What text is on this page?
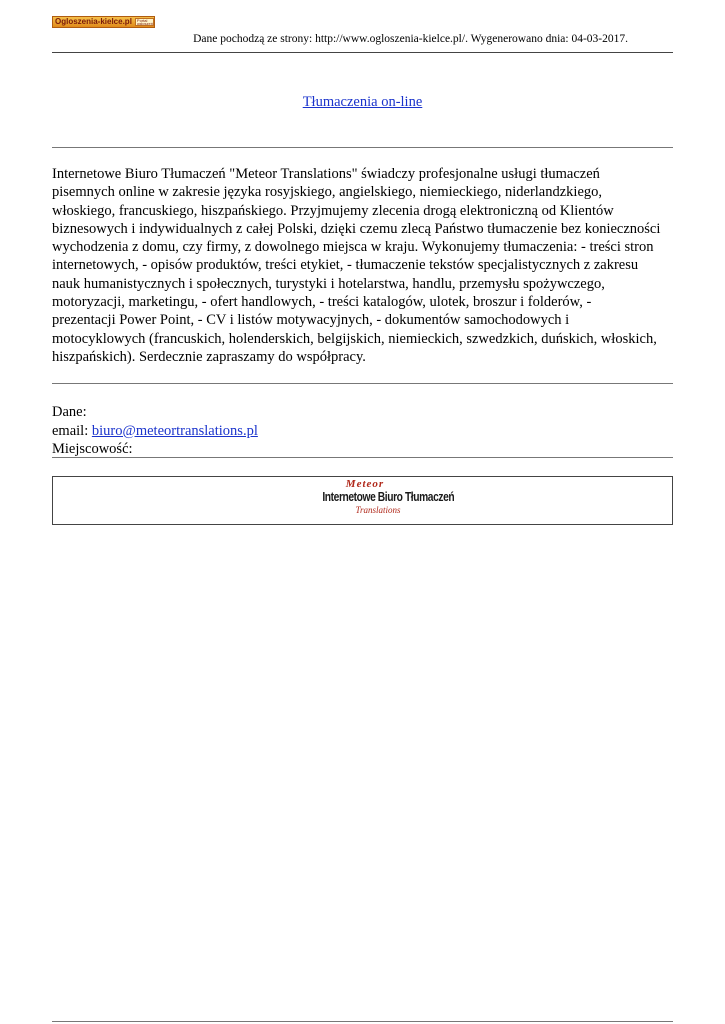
Ogloszenia-kielce.pl	Portal ogłoszeń
Dane pochodzą ze strony: http://www.ogloszenia-kielce.pl/. Wygenerowano dnia: 04-03-2017.
Tłumaczenia on-line

Internetowe Biuro Tłumaczeń "Meteor Translations" świadczy profesjonalne usługi tłumaczeń

pisemnych online w zakresie języka rosyjskiego, angielskiego, niemieckiego, niderlandzkiego,

włoskiego, francuskiego, hiszpańskiego. Przyjmujemy zlecenia drogą elektroniczną od Klientów

biznesowych i indywidualnych z całej Polski, dzięki czemu zlecą Państwo tłumaczenie bez konieczności

wychodzenia z domu, czy firmy, z dowolnego miejsca w kraju. Wykonujemy tłumaczenia: - treści stron

internetowych, - opisów produktów, treści etykiet, - tłumaczenie tekstów specjalistycznych z zakresu

nauk humanistycznych i społecznych, turystyki i hotelarstwa, handlu, przemysłu spożywczego,

motoryzacji, marketingu, - ofert handlowych, - treści katalogów, ulotek, broszur i folderów, -

prezentacji Power Point, - CV i listów motywacyjnych, - dokumentów samochodowych i

motocyklowych (francuskich, holenderskich, belgijskich, niemieckich, szwedzkich, duńskich, włoskich,

hiszpańskich). Serdecznie zapraszamy do współpracy.

Dane:
email: biuro@meteortranslations.pl
Miejscowość:
Meteor
Internetowe Biuro Tłumaczeń
Translations
